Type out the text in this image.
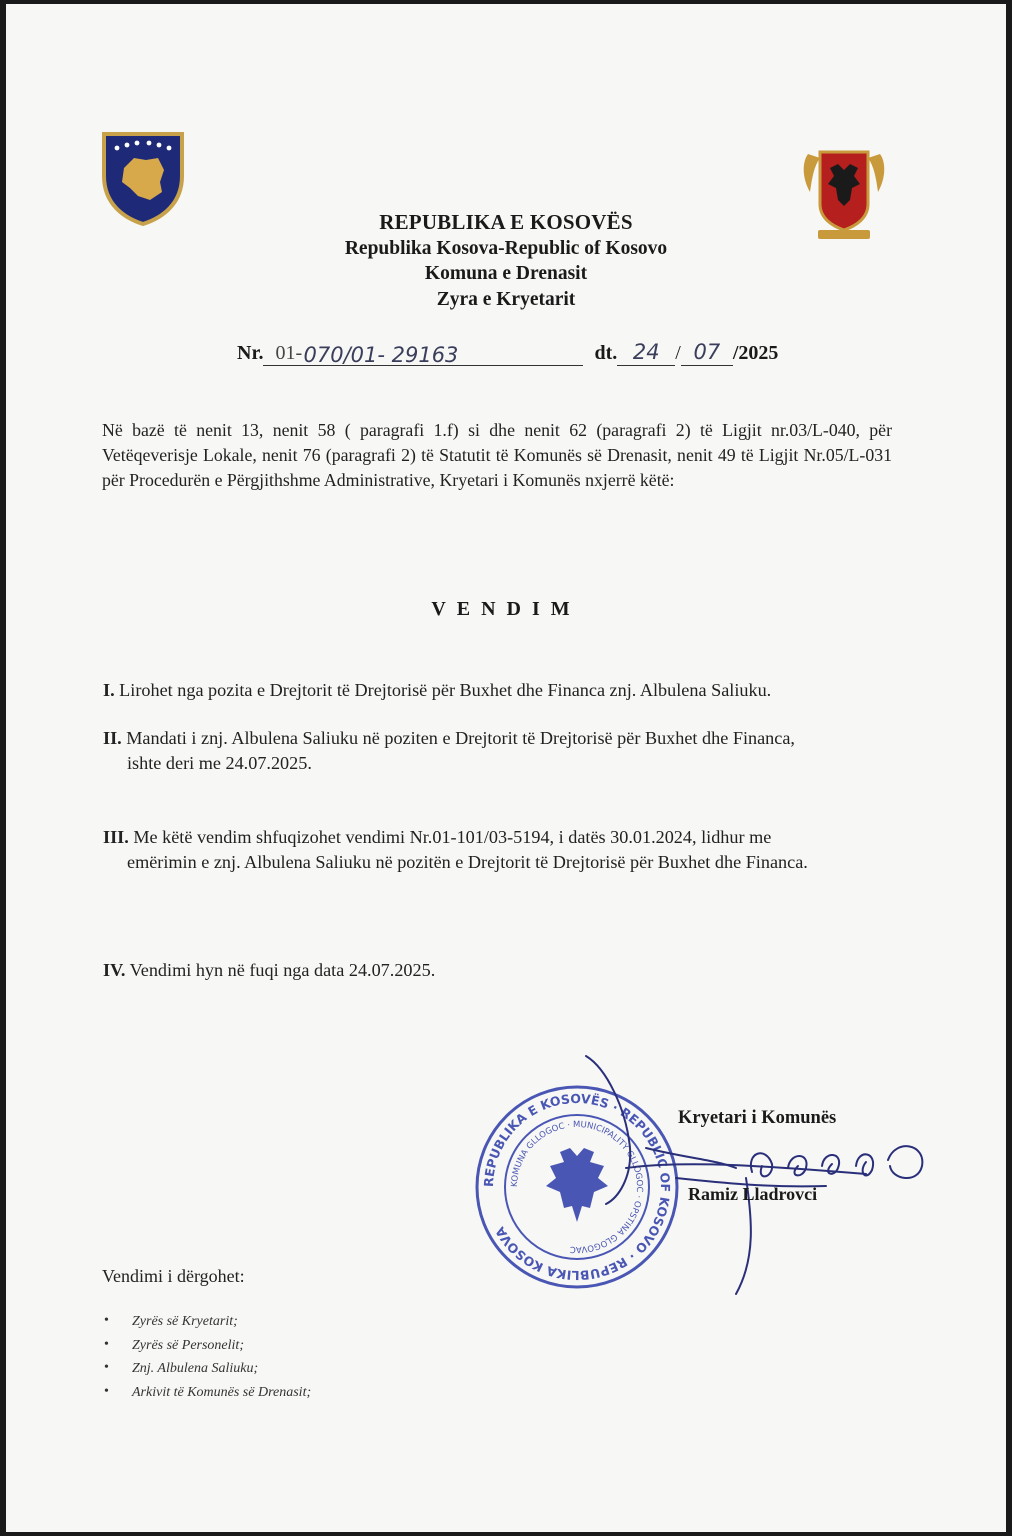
REPUBLIKA E KOSOVËS
Republika Kosova-Republic of Kosovo
Komuna e Drenasit
Zyra e Kryetarit
Nr. 01- 070/01- 29163	dt. 24 / 07 /2025
Në bazë të nenit 13, nenit 58 ( paragrafi 1.f) si dhe nenit 62 (paragrafi 2) të Ligjit nr.03/L-040, për Vetëqeverisje Lokale, nenit 76 (paragrafi 2) të Statutit të Komunës së Drenasit, nenit 49 të Ligjit Nr.05/L-031 për Procedurën e Përgjithshme Administrative, Kryetari i Komunës nxjerrë këtë:
VENDIM
I. Lirohet nga pozita e Drejtorit të Drejtorisë për Buxhet dhe Financa znj. Albulena Saliuku.
II. Mandati i znj. Albulena Saliuku në poziten e Drejtorit të Drejtorisë për Buxhet dhe Financa,
ishte deri me 24.07.2025.
III. Me këtë vendim shfuqizohet vendimi Nr.01-101/03-5194, i datës 30.01.2024, lidhur me
emërimin e znj. Albulena Saliuku në pozitën e Drejtorit të Drejtorisë për Buxhet dhe Financa.
IV. Vendimi hyn në fuqi nga data 24.07.2025.
REPUBLIKA E KOSOVËS · REPUBLIC OF KOSOVO · REPUBLIKA KOSOVA
KOMUNA GLLOGOC · MUNICIPALITY GLLOGOC · OPSTINA GLOGOVAC
Kryetari i Komunës
Ramiz Lladrovci
Vendimi i dërgohet:
• Zyrës së Kryetarit;
• Zyrës së Personelit;
• Znj. Albulena Saliuku;
• Arkivit të Komunës së Drenasit;
